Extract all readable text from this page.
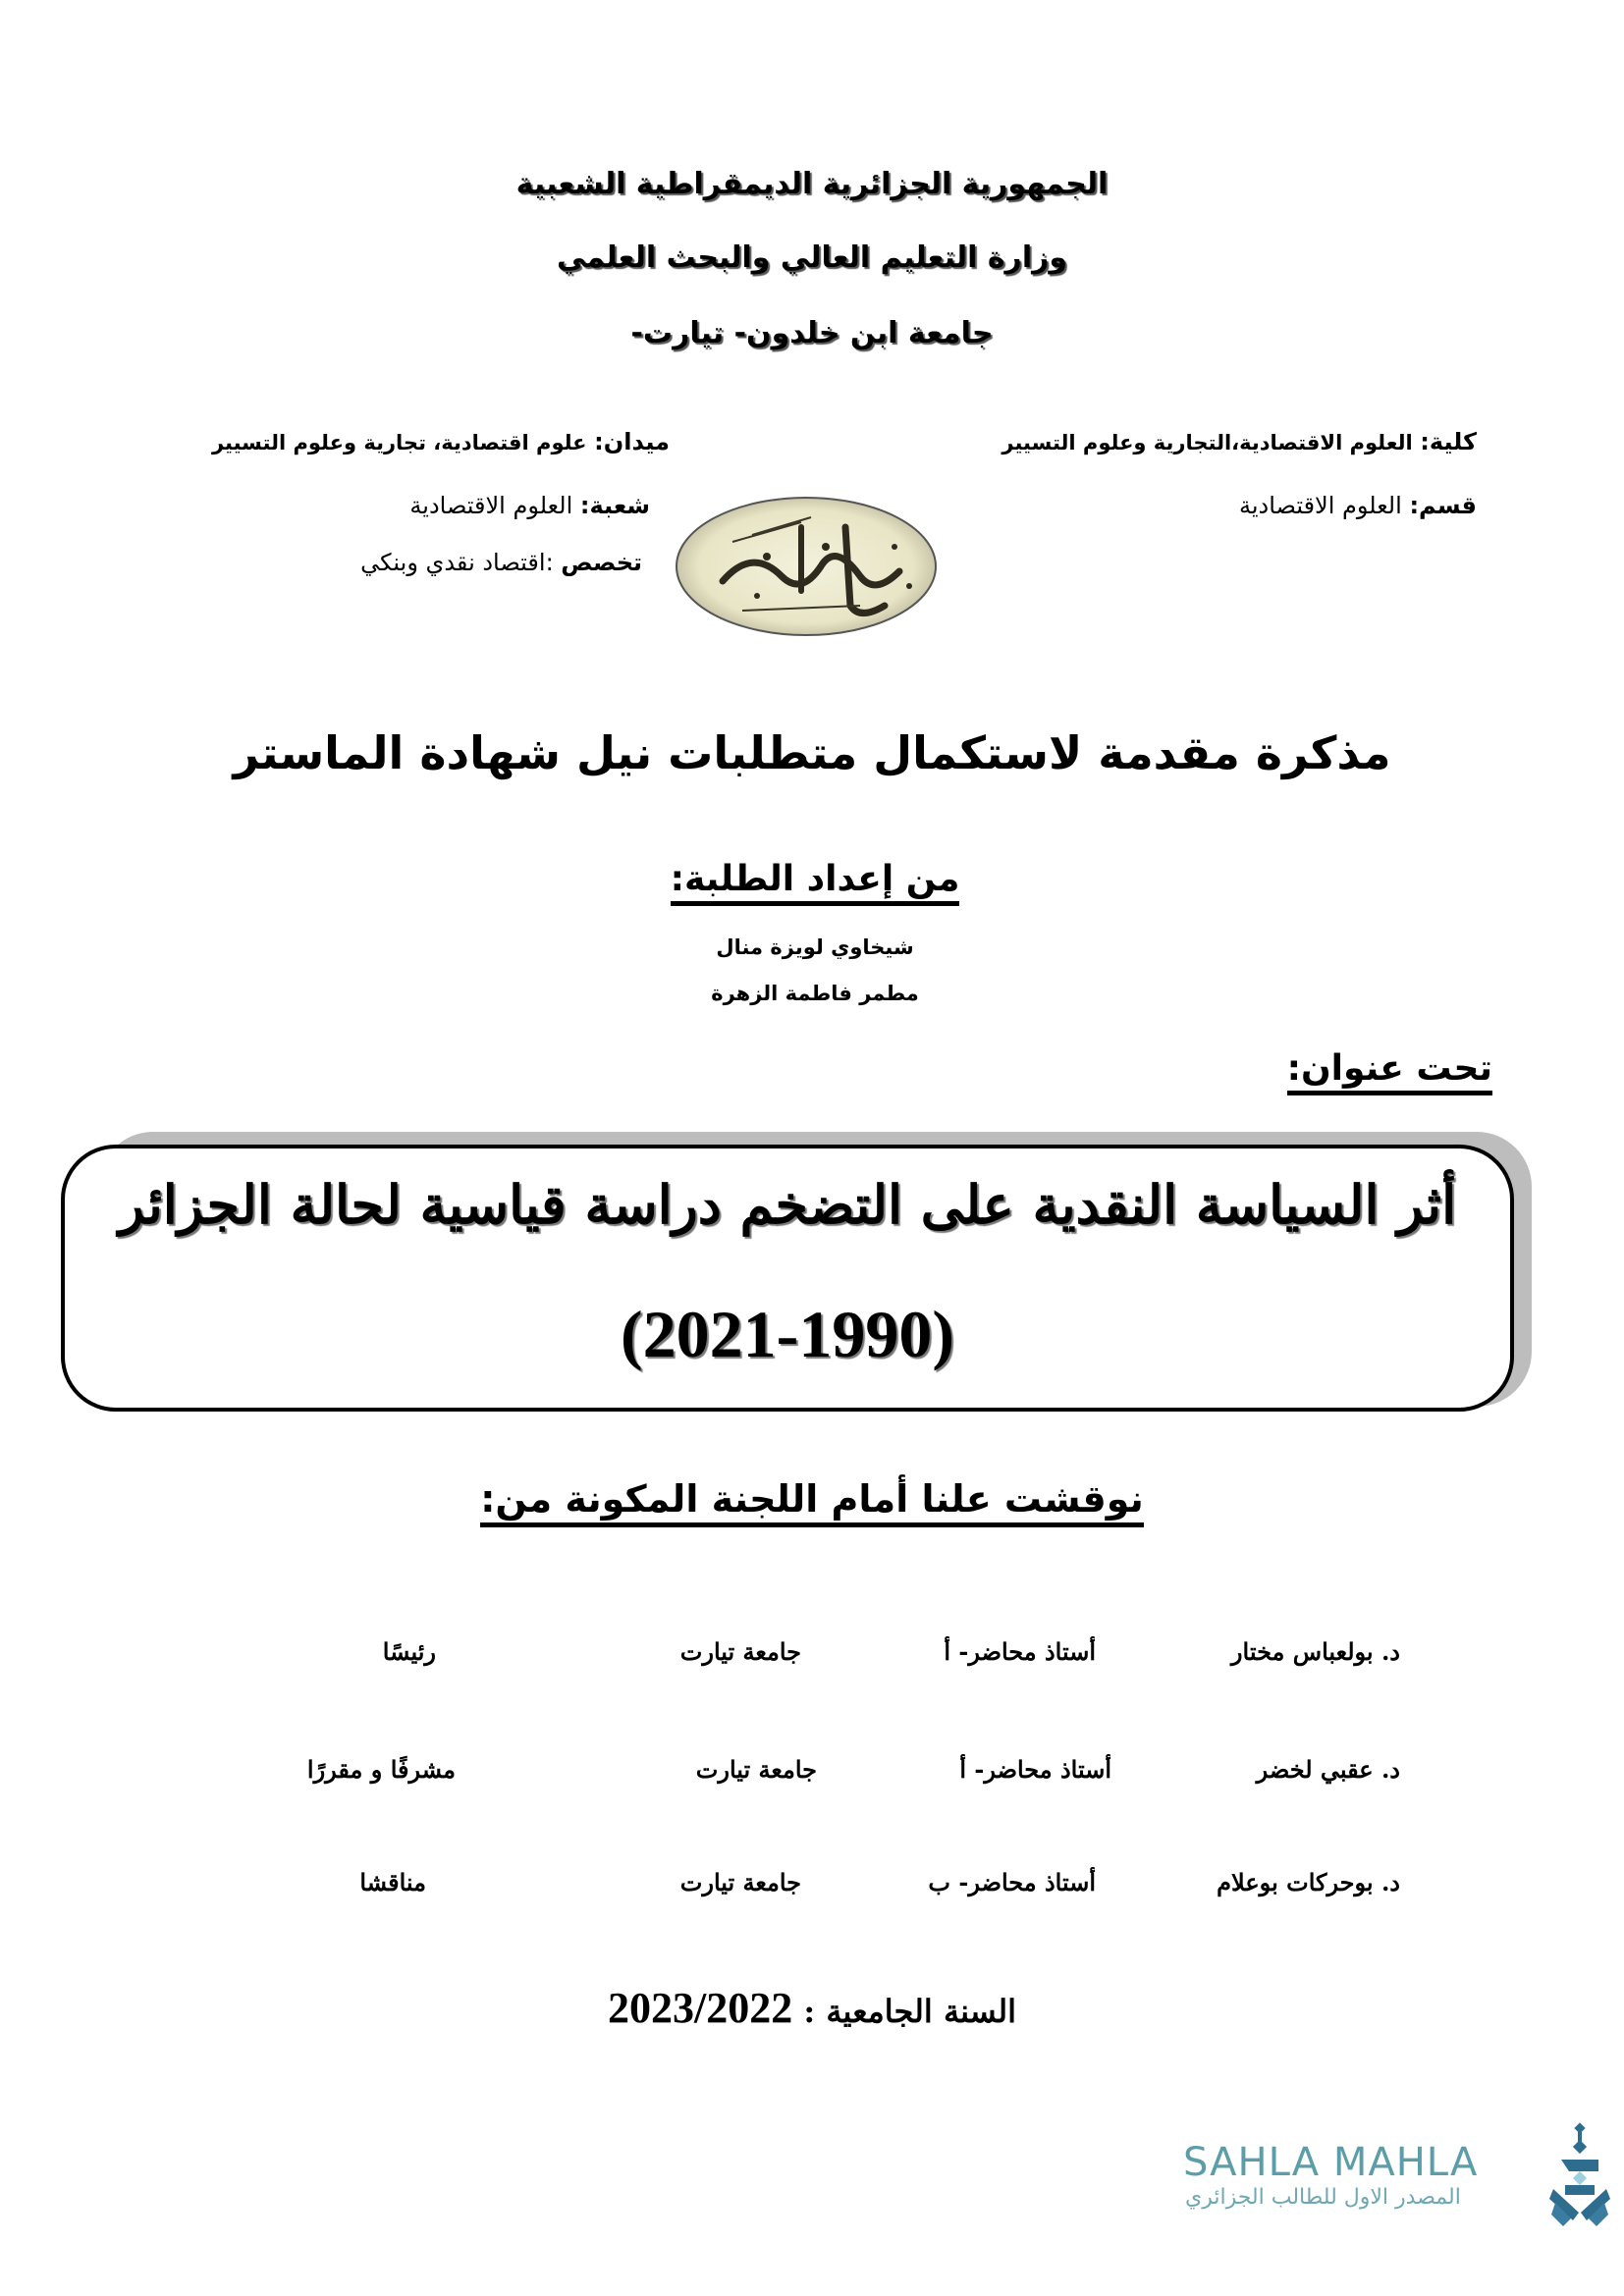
الجمهورية الجزائرية الديمقراطية الشعبية
وزارة التعليم العالي والبحث العلمي
جامعة ابن خلدون- تيارت-
كلية: العلوم الاقتصادية،التجارية وعلوم التسيير
قسم: العلوم الاقتصادية
ميدان: علوم اقتصادية، تجارية وعلوم التسيير
شعبة: العلوم الاقتصادية
تخصص :اقتصاد نقدي وبنكي
مذكرة مقدمة لاستكمال متطلبات نيل شهادة الماستر
من إعداد الطلبة:
شيخاوي لويزة منال
مطمر فاطمة الزهرة
تحت عنوان:
أثر السياسة النقدية على التضخم دراسة قياسية لحالة الجزائر
(2021-1990)
نوقشت علنا أمام اللجنة المكونة من:
د. بولعباس مختار
أستاذ محاضر- أ
جامعة تيارت
رئيسًا
د. عقبي لخضر
أستاذ محاضر- أ
جامعة تيارت
مشرفًا و مقررًا
د. بوحركات بوعلام
أستاذ محاضر- ب
جامعة تيارت
مناقشا
السنة الجامعية : 2023/2022
SAHLA MAHLA
المصدر الاول للطالب الجزائري
